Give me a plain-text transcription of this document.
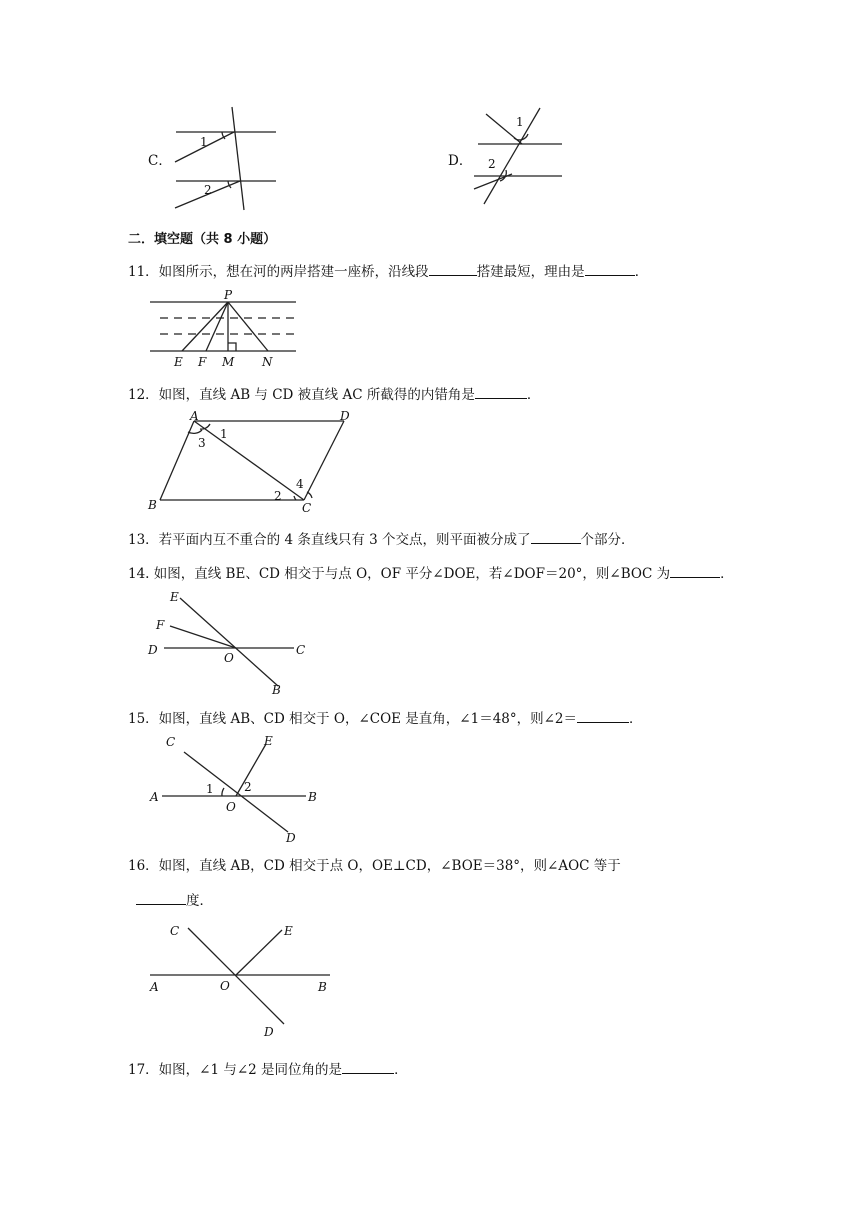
C．
1
2
D．
1
2
二．填空题（共 8 小题）
11．如图所示，想在河的两岸搭建一座桥，沿线段	搭建最短，理由是	．
P
E F M N
12．如图，直线 AB 与 CD 被直线 AC 所截得的内错角是	．
A	D
B	C
1
3
2
4
13．若平面内互不重合的 4 条直线只有 3 个交点，则平面被分成了	个部分．
14. 如图，直线 BE、CD 相交于与点 O，OF 平分∠DOE，若∠DOF＝20°，则∠BOC 为	．
E
F
D
O
C
B
15．如图，直线 AB、CD 相交于 O，∠COE 是直角，∠1＝48°，则∠2＝	．
C	E
A	B
O
D
1	2
16．如图，直线 AB，CD 相交于点 O，OE⊥CD，∠BOE＝38°，则∠AOC 等于
度．
C	E
A	O	B
D
17．如图，∠1 与∠2 是同位角的是	．
